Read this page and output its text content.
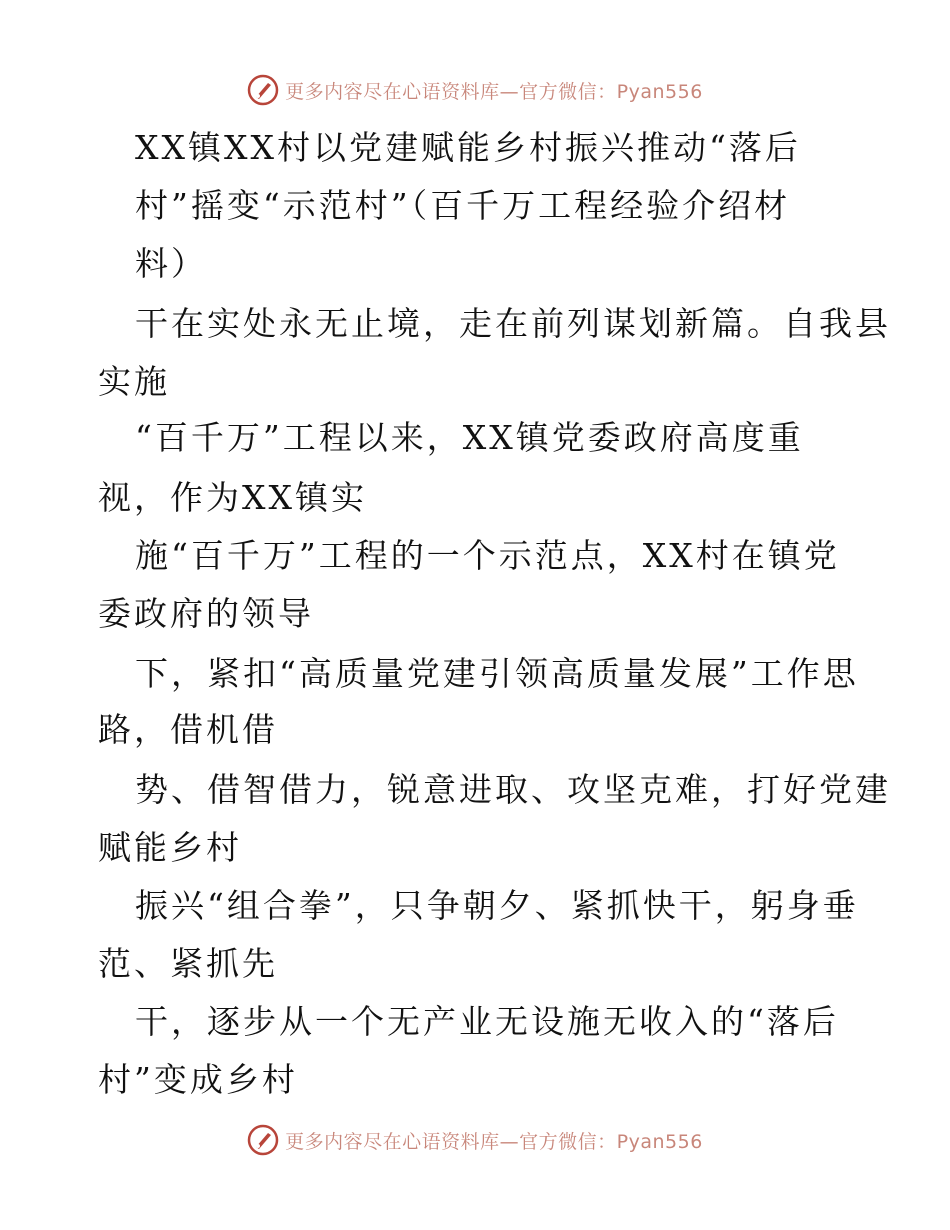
更多内容尽在心语资料库—官方微信：Pyan556
XX镇XX村以党建赋能乡村振兴推动“落后
村”摇变“示范村”（百千万工程经验介绍材
料）
干在实处永无止境，走在前列谋划新篇。自我县
实施
“百千万”工程以来，XX镇党委政府高度重
视，作为XX镇实
施“百千万”工程的一个示范点，XX村在镇党
委政府的领导
下，紧扣“高质量党建引领高质量发展”工作思
路，借机借
势、借智借力，锐意进取、攻坚克难，打好党建
赋能乡村
振兴“组合拳”，只争朝夕、紧抓快干，躬身垂
范、紧抓先
干，逐步从一个无产业无设施无收入的“落后
村”变成乡村
更多内容尽在心语资料库—官方微信：Pyan556
